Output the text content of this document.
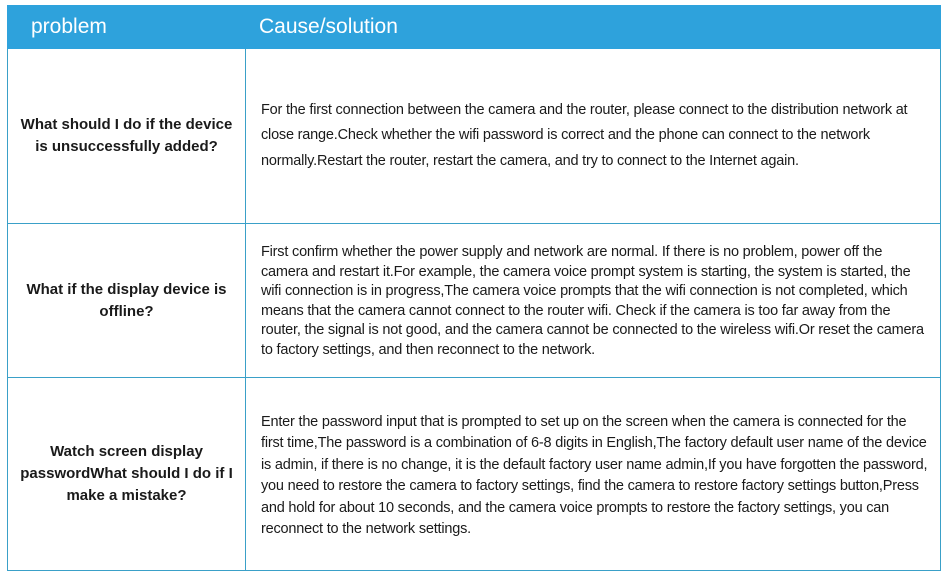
problem	Cause/solution
What should I do if the device is unsuccessfully added?
For the first connection between the camera and the router, please connect to the distribution network at close range.Check whether the wifi password is correct and the phone can connect to the network normally.Restart the router, restart the camera, and try to connect to the Internet again.
What if the display device is offline?
First confirm whether the power supply and network are normal. If there is no problem, power off the camera and restart it.For example, the camera voice prompt system is starting, the system is started, the wifi connection is in progress,The camera voice prompts that the wifi connection is not completed, which means that the camera cannot connect to the router wifi. Check if the camera is too far away from the router, the signal is not good, and the camera cannot be connected to the wireless wifi.Or reset the camera to factory settings, and then reconnect to the network.
Watch screen display passwordWhat should I do if I make a mistake?
Enter the password input that is prompted to set up on the screen when the camera is connected for the first time,The password is a combination of 6-8 digits in English,The factory default user name of the device is admin, if there is no change, it is the default factory user name admin,If you have forgotten the password, you need to restore the camera to factory settings, find the camera to restore factory settings button,Press and hold for about 10 seconds, and the camera voice prompts to restore the factory settings, you can reconnect to the network settings.
